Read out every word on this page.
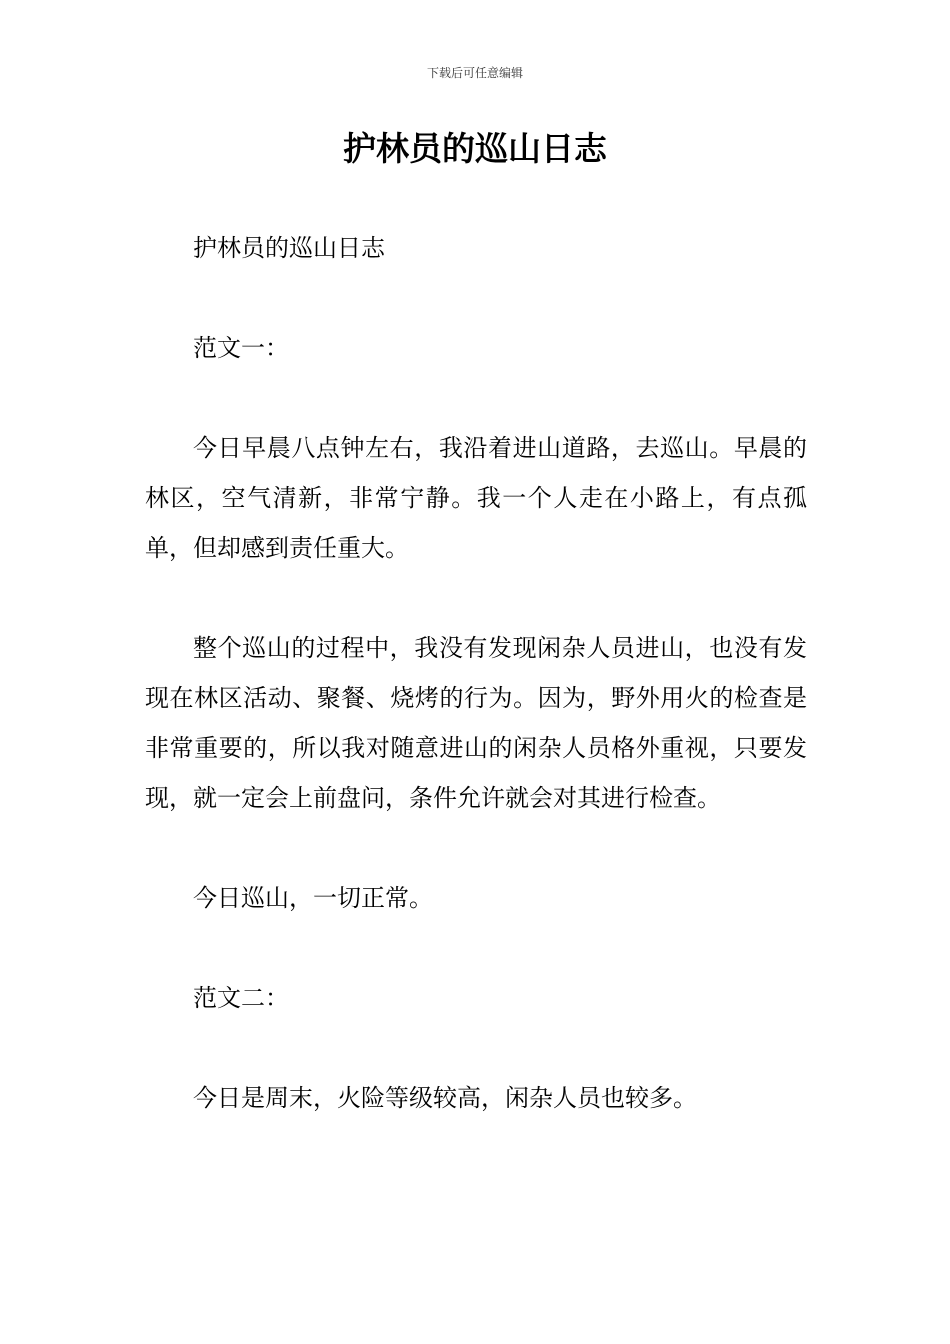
下载后可任意编辑
护林员的巡山日志

护林员的巡山日志

范文一：

今日早晨八点钟左右，我沿着进山道路，去巡山。早晨的林区，空气清新，非常宁静。我一个人走在小路上，有点孤单，但却感到责任重大。

整个巡山的过程中，我没有发现闲杂人员进山，也没有发现在林区活动、聚餐、烧烤的行为。因为，野外用火的检查是非常重要的，所以我对随意进山的闲杂人员格外重视，只要发现，就一定会上前盘问，条件允许就会对其进行检查。

今日巡山，一切正常。

范文二：

今日是周末，火险等级较高，闲杂人员也较多。
